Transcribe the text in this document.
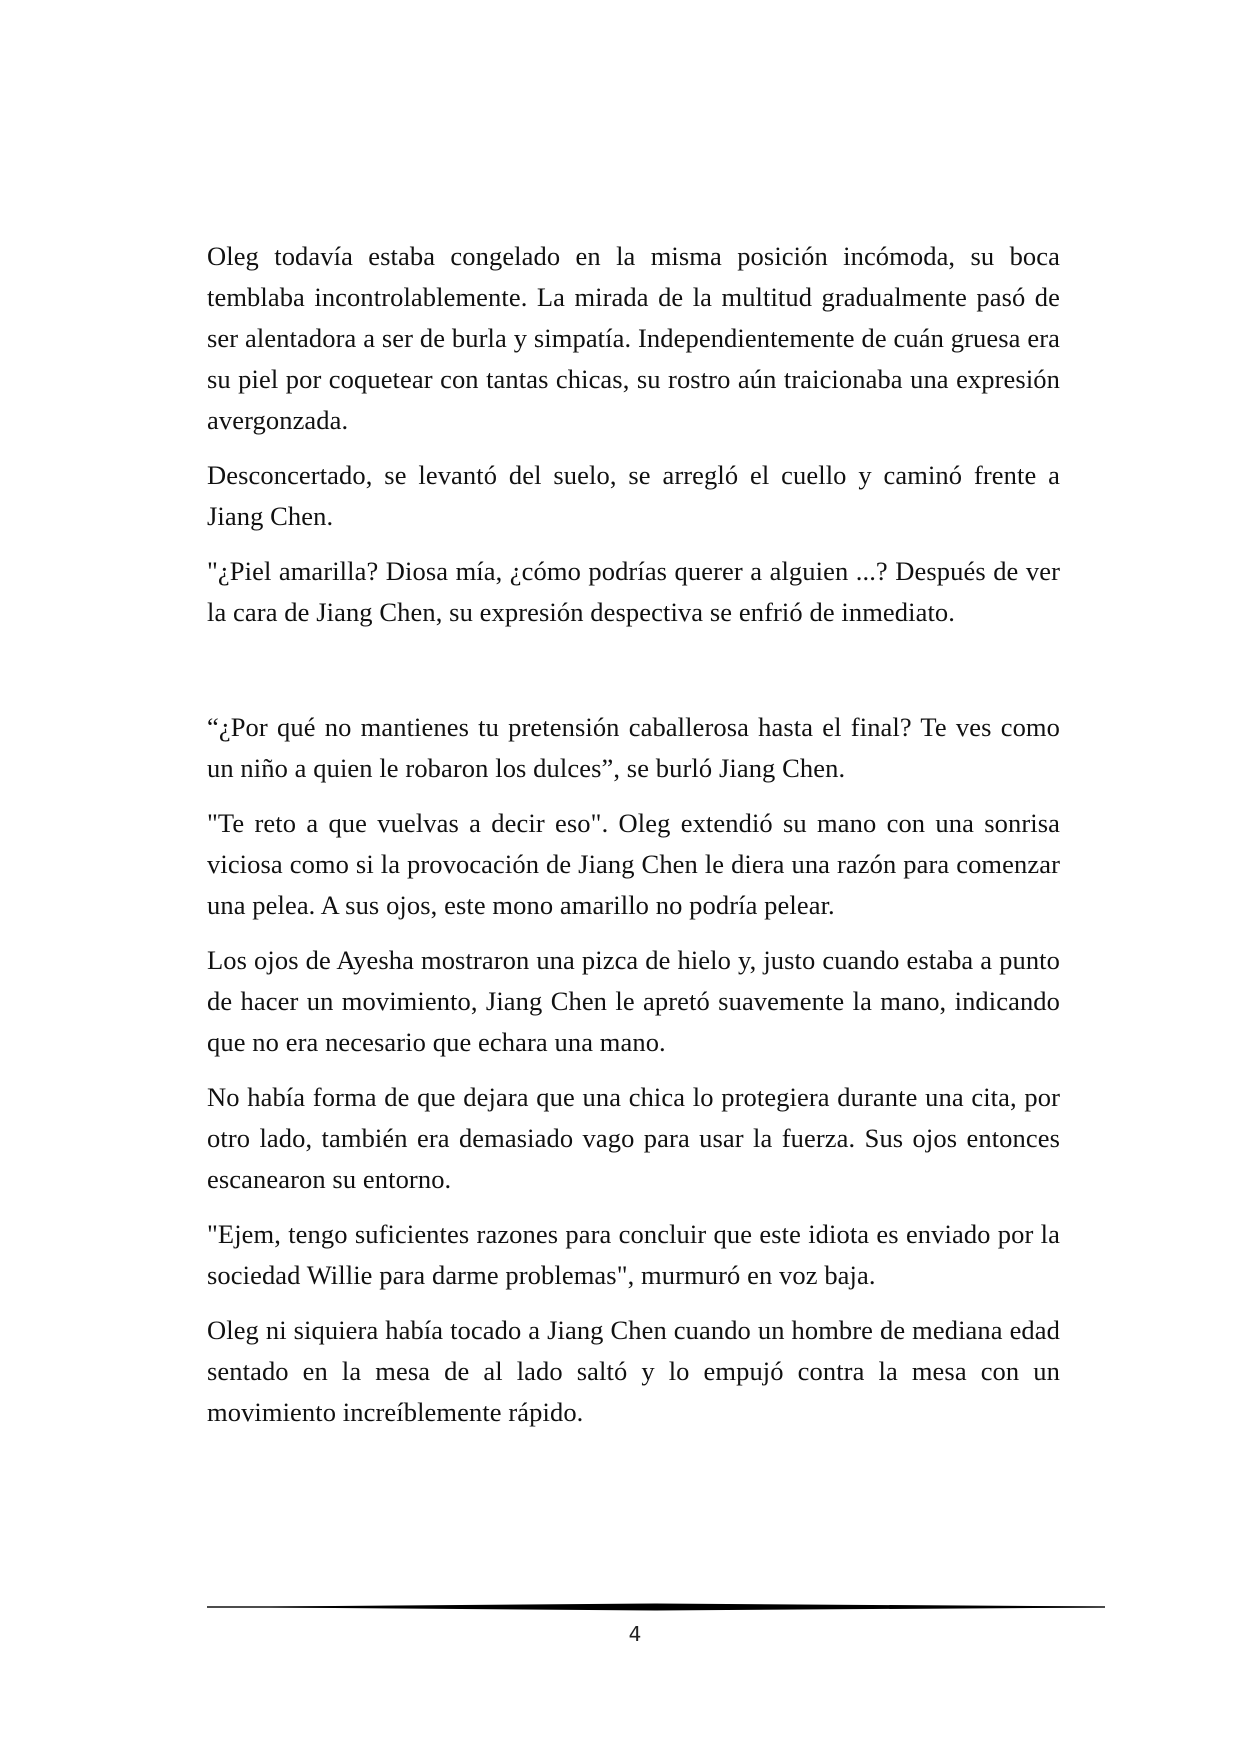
Oleg todavía estaba congelado en la misma posición incómoda, su boca temblaba incontrolablemente. La mirada de la multitud gradualmente pasó de ser alentadora a ser de burla y simpatía. Independientemente de cuán gruesa era su piel por coquetear con tantas chicas, su rostro aún traicionaba una expresión avergonzada.

Desconcertado, se levantó del suelo, se arregló el cuello y caminó frente a Jiang Chen.

"¿Piel amarilla? Diosa mía, ¿cómo podrías querer a alguien ...? Después de ver la cara de Jiang Chen, su expresión despectiva se enfrió de inmediato.

“¿Por qué no mantienes tu pretensión caballerosa hasta el final? Te ves como un niño a quien le robaron los dulces”, se burló Jiang Chen.

"Te reto a que vuelvas a decir eso". Oleg extendió su mano con una sonrisa viciosa como si la provocación de Jiang Chen le diera una razón para comenzar una pelea. A sus ojos, este mono amarillo no podría pelear.

Los ojos de Ayesha mostraron una pizca de hielo y, justo cuando estaba a punto de hacer un movimiento, Jiang Chen le apretó suavemente la mano, indicando que no era necesario que echara una mano.

No había forma de que dejara que una chica lo protegiera durante una cita, por otro lado, también era demasiado vago para usar la fuerza. Sus ojos entonces escanearon su entorno.

"Ejem, tengo suficientes razones para concluir que este idiota es enviado por la sociedad Willie para darme problemas", murmuró en voz baja.

Oleg ni siquiera había tocado a Jiang Chen cuando un hombre de mediana edad sentado en la mesa de al lado saltó y lo empujó contra la mesa con un movimiento increíblemente rápido.

4
